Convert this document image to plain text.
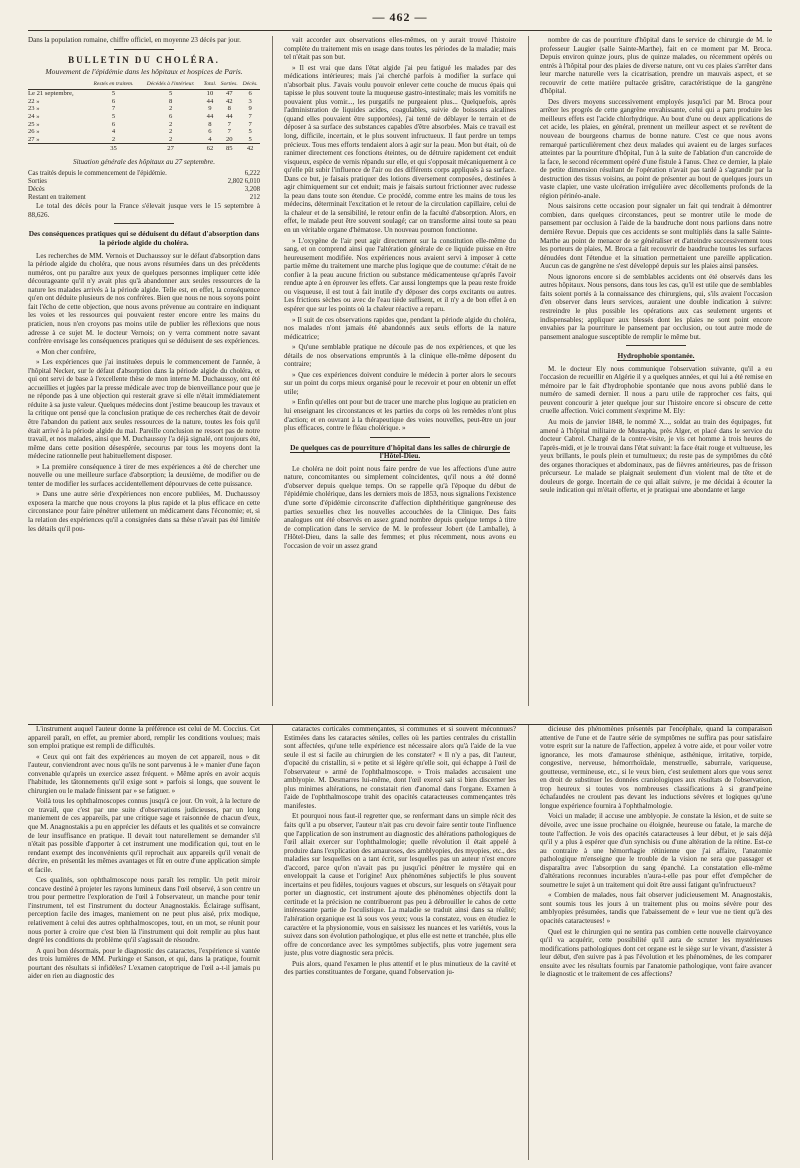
— 462 —

Dans la population romaine, chiffre officiel, en moyenne 23 décès par jour.

BULLETIN DU CHOLÉRA.
Mouvement de l'épidémie dans les hôpitaux et hospices de Paris.
	Restés en traitem.	Décédés à l'intérieur.	Total.	Sorties.	Décès.
Le 21 septembre,	5	5	10	47	6
22 »	6	8	44	42	3
23 »	7	2	9	8	9
24 »	5	6	44	44	7
25 »	6	2	8	7	7
26 »	4	2	6	7	5
27 »	2	2	4	20	5
	35	27	62	85	42
Situation générale des hôpitaux au 27 septembre.
Cas traités depuis le commencement de l'épidémie.	6,222
Sorties	2,802 6,010
Décès	3,208
Restant en traitement	212

Le total des décès pour la France s'élevait jusque vers le 15 septembre à 88,626.

Des conséquences pratiques qui se déduisent du défaut d'absorption dans la période algide du choléra.

Les recherches de MM. Vernois et Duchaussoy sur le défaut d'absorption dans la période algide du choléra, que nous avons résumées dans un des précédents numéros, ont pu paraître aux yeux de quelques personnes impliquer cette idée décourageante qu'il n'y avait plus qu'à abandonner aux seules ressources de la nature les malades arrivés à la période algide. Telle est, en effet, la conséquence qu'en ont déduite plusieurs de nos confrères. Bien que nous ne nous soyons point fait l'écho de cette objection, que nous avons prévenue au contraire en indiquant les voies et les ressources qui pouvaient rester encore entre les mains du praticien, nous n'en croyons pas moins utile de publier les réflexions que nous adresse à ce sujet M. le docteur Vernois; on y verra comment notre savant confrère envisage les conséquences pratiques qui se déduisent de ses expériences.

« Mon cher confrère,

» Les expériences que j'ai instituées depuis le commencement de l'année, à l'hôpital Necker, sur le défaut d'absorption dans la période algide du choléra, et qui ont servi de base à l'excellente thèse de mon interne M. Duchaussoy, ont été accueillies et jugées par la presse médicale avec trop de bienveillance pour que je ne réponde pas à une objection qui resterait grave si elle n'était immédiatement réduite à sa juste valeur. Quelques médecins dont j'estime beaucoup les travaux et la critique ont pensé que la conclusion pratique de ces recherches était de devoir être l'abandon du patient aux seules ressources de la nature, toutes les fois qu'il était arrivé à la période algide du mal. Pareille conclusion ne ressort pas de notre travail, et nos malades, ainsi que M. Duchaussoy l'a déjà signalé, ont toujours été, même dans cette position désespérée, secourus par tous les moyens dont la médecine rationnelle peut habituellement disposer.

» La première conséquence à tirer de mes expériences a été de chercher une nouvelle ou une meilleure surface d'absorption; la deuxième, de modifier ou de tenter de modifier les surfaces accidentellement dépourvues de cette puissance.

» Dans une autre série d'expériences non encore publiées, M. Duchaussoy exposera la marche que nous croyons la plus rapide et la plus efficace en cette circonstance pour faire pénétrer utilement un médicament dans l'économie; et, si la relation des expériences qu'il a consignées dans sa thèse n'avait pas été limitée les détails qu'il pou-

vait accorder aux observations elles-mêmes, on y aurait trouvé l'histoire complète du traitement mis en usage dans toutes les périodes de la maladie; mais tel n'était pas son but.

» Il est vrai que dans l'état algide j'ai peu fatigué les malades par des médications intérieures; mais j'ai cherché parfois à modifier la surface qui n'absorbait plus. J'avais voulu pouvoir enlever cette couche de mucus épais qui tapisse le plus souvent toute la muqueuse gastro-intestinale; mais les vomitifs ne pouvaient plus vomir..., les purgatifs ne purgeaient plus... Quelquefois, après l'administration de liquides acides, coagulables, suivie de boissons alcalines (quand elles pouvaient être supportées), j'ai tenté de déblayer le terrain et de déposer à sa surface des substances capables d'être absorbées. Mais ce travail est long, difficile, incertain, et le plus souvent infructueux. Il faut perdre un temps précieux. Tous mes efforts tendaient alors à agir sur la peau. Mon but était, où de ranimer directement ces fonctions éteintes, ou de détruire rapidement cet enduit visqueux, espèce de vernis répandu sur elle, et qui s'opposait mécaniquement à ce qu'elle pût subir l'influence de l'air ou des différents corps appliqués à sa surface. Dans ce but, je faisais pratiquer des lotions diversement composées, destinées à agir chimiquement sur cet enduit; mais je faisais surtout frictionner avec rudesse la peau dans toute son étendue. Ce procédé, comme entre les mains de tous les médecins, déterminait l'excitation et le retour de la circulation capillaire, celui de la chaleur et de la sensibilité, le retour enfin de la faculté d'absorption. Alors, en effet, le malade peut être souvent soulagé; car on transforme ainsi toute sa peau en un véritable organe d'hématose. Un nouveau poumon fonctionne.

» L'oxygène de l'air peut agir directement sur la constitution elle-même du sang, et on comprend ainsi que l'altération générale de ce liquide puisse en être heureusement modifiée. Nos expériences nous avaient servi à imposer à cette partie même du traitement une marche plus logique que de coutume: c'était de ne confier à la peau aucune friction ou substance médicamenteuse qu'après l'avoir rendue apte à en éprouver les effets. Car aussi longtemps que la peau reste froide ou visqueuse, il est tout à fait inutile d'y déposer des corps excitants ou autres. Les frictions sèches ou avec de l'eau tiède suffisent, et il n'y a de bon effet à en espérer que sur les points où la chaleur réactive a reparu.

» Il suit de ces observations rapides que, pendant la période algide du choléra, nos malades n'ont jamais été abandonnés aux seuls efforts de la nature médicatrice;

» Qu'une semblable pratique ne découle pas de nos expériences, et que les détails de nos observations empruntés à la clinique elle-même déposent du contraire;

» Que ces expériences doivent conduire le médecin à porter alors le secours sur un point du corps mieux organisé pour le recevoir et pour en obtenir un effet utile;

» Enfin qu'elles ont pour but de tracer une marche plus logique au praticien en lui enseignant les circonstances et les parties du corps où les remèdes n'ont plus d'action; et en ouvrant à la thérapeutique des voies nouvelles, peut-être un jour plus efficaces, contre le fléau cholérique. »

De quelques cas de pourriture d'hôpital dans les salles de chirurgie de l'Hôtel-Dieu.

Le choléra ne doit point nous faire perdre de vue les affections d'une autre nature, concomitantes ou simplement coïncidentes, qu'il nous a été donné d'observer depuis quelque temps. On se rappelle qu'à l'époque du début de l'épidémie cholérique, dans les derniers mois de 1853, nous signalions l'existence d'une sorte d'épidémie circonscrite d'affection diphthéritique gangréneuse des parties sexuelles chez les nouvelles accouchées de la Clinique. Des faits analogues ont été observés en assez grand nombre depuis quelque temps à titre de complication dans le service de M. le professeur Jobert (de Lamballe), à l'Hôtel-Dieu, dans la salle des femmes; et plus récemment, nous avons eu l'occasion de voir un assez grand

nombre de cas de pourriture d'hôpital dans le service de chirurgie de M. le professeur Laugier (salle Sainte-Marthe), fait en ce moment par M. Broca. Depuis environ quinze jours, plus de quinze malades, ou récemment opérés ou entrés à l'hôpital pour des plaies de diverse nature, ont vu ces plaies s'arrêter dans leur marche naturelle vers la cicatrisation, prendre un mauvais aspect, et se recouvrir de cette matière pultacée grisâtre, caractéristique de la gangrène d'hôpital.

Des divers moyens successivement employés jusqu'ici par M. Broca pour arrêter les progrès de cette gangrène envahissante, celui qui a paru produire les meilleurs effets est l'acide chlorhydrique. Au bout d'une ou deux applications de cet acide, les plaies, en général, prennent un meilleur aspect et se revêtent de nouveau de bourgeons charnus de bonne nature. C'est ce que nous avons remarqué particulièrement chez deux malades qui avaient eu de larges surfaces atteintes par la pourriture d'hôpital, l'un à la suite de l'ablation d'un cancroïde de la face, le second récemment opéré d'une fistule à l'anus. Chez ce dernier, la plaie de petite dimension résultant de l'opération n'avait pas tardé à s'agrandir par la destruction des tissus voisins, au point de présenter au bout de quelques jours un vaste clapier, une vaste ulcération irrégulière avec décollements profonds de la région périnéo-anale.

Nous saisirons cette occasion pour signaler un fait qui tendrait à démontrer combien, dans quelques circonstances, peut se montrer utile le mode de pansement par occlusion à l'aide de la baudruche dont nous parlions dans notre dernière Revue. Depuis que ces accidents se sont multipliés dans la salle Sainte-Marthe au point de menacer de se généraliser et d'atteindre successivement tous les porteurs de plaies, M. Broca a fait recouvrir de baudruche toutes les surfaces dénudées dont l'étendue et la situation permettaient une pareille application. Aucun cas de gangrène ne s'est développé depuis sur les plaies ainsi pansées.

Nous ignorons encore si de semblables accidents ont été observés dans les autres hôpitaux. Nous pensons, dans tous les cas, qu'il est utile que de semblables faits soient portés à la connaissance des chirurgiens, qui, s'ils avaient l'occasion d'en observer dans leurs services, auraient une double indication à suivre: restreindre le plus possible les opérations aux cas seulement urgents et indispensables; appliquer aux blessés dont les plaies ne sont point encore envahies par la pourriture le pansement par occlusion, ou tout autre mode de pansement analogue susceptible de remplir le même but.

Hydrophobie spontanée.

M. le docteur Ely nous communique l'observation suivante, qu'il a eu l'occasion de recueillir en Algérie il y a quelques années, et qui lui a été remise en mémoire par le fait d'hydrophobie spontanée que nous avons publié dans le numéro de samedi dernier. Il nous a paru utile de rapprocher ces faits, qui peuvent concourir à jeter quelque jour sur l'histoire encore si obscure de cette cruelle affection. Voici comment s'exprime M. Ely:

Au mois de janvier 1848, le nommé X..., soldat au train des équipages, fut amené à l'hôpital militaire de Mustapha, près Alger, et placé dans le service du docteur Cabrol. Chargé de la contre-visite, je vis cet homme à trois heures de l'après-midi, et je le trouvai dans l'état suivant: la face était rouge et vultueuse, les yeux brillants, le pouls plein et tumultueux; du reste pas de symptômes du côté des organes thoraciques et abdominaux, pas de fièvres antérieures, pas de frisson précurseur. Le malade se plaignait seulement d'un violent mal de tête et de douleurs de gorge. Incertain de ce qui allait suivre, je me décidai à écouter la seule indication qui m'était offerte, et je pratiquai une abondante et large

L'instrument auquel l'auteur donne la préférence est celui de M. Coccius. Cet appareil paraît, en effet, au premier abord, remplir les conditions voulues; mais son emploi pratique est rempli de difficultés.

« Ceux qui ont fait des expériences au moyen de cet appareil, nous » dit l'auteur, conviendront avec nous qu'ils ne sont parvenus à le » manier d'une façon convenable qu'après un exercice assez fréquent. » Même après en avoir acquis l'habitude, les tâtonnements qu'il exige sont » parfois si longs, que souvent le chirurgien ou le malade finissent par » se fatiguer. »

Voilà tous les ophthalmoscopes connus jusqu'à ce jour. On voit, à la lecture de ce travail, que c'est par une suite d'observations judicieuses, par un long maniement de ces appareils, par une critique sage et raisonnée de chacun d'eux, que M. Anagnostakis a pu en apprécier les défauts et les qualités et se convaincre de leur insuffisance en pratique. Il devait tout naturellement se demander s'il n'était pas possible d'apporter à cet instrument une modification qui, tout en le rendant exempt des inconvénients qu'il reprochait aux appareils qu'il venait de décrire, en présentât les mêmes avantages et fût en outre d'une application simple et facile.

Ces qualités, son ophthalmoscope nous paraît les remplir. Un petit miroir concave destiné à projeter les rayons lumineux dans l'œil observé, à son centre un trou pour permettre l'exploration de l'œil à l'observateur, un manche pour tenir l'instrument, tel est l'instrument du docteur Anagnostakis. Éclairage suffisant, perception facile des images, maniement on ne peut plus aisé, prix modique, relativement à celui des autres ophthalmoscopes, tout, en un mot, se réunit pour nous porter à croire que c'est bien là l'instrument qui doit remplir au plus haut degré les conditions du problème qu'il s'agissait de résoudre.

A quoi bon désormais, pour le diagnostic des cataractes, l'expérience si vantée des trois lumières de MM. Purkinge et Sanson, et qui, dans la pratique, fournit pourtant des résultats si infidèles? L'examen catoptrique de l'œil a-t-il jamais pu aider en rien au diagnostic des

cataractes corticales commençantes, si communes et si souvent méconnues? Estimées dans les cataractes séniles, celles où les parties centrales du cristallin sont affectées, qu'une telle expérience est nécessaire alors qu'à l'aide de la vue seule il est si facile au chirurgien de les constater? « Il n'y a pas, dit l'auteur, d'opacité du cristallin, si » petite et si légère qu'elle soit, qui échappe à l'œil de l'observateur » armé de l'ophthalmoscope. » Trois malades accusaient une amblyopie. M. Desmarres lui-même, dont l'œil exercé sait si bien discerner les plus minimes altérations, ne constatait rien d'anomal dans l'organe. Examen à l'aide de l'ophthalmoscope trahit des opacités cataracteuses commençantes très manifestes.

Et pourquoi nous faut-il regretter que, se renfermant dans un simple récit des faits qu'il a pu observer, l'auteur n'ait pas cru devoir faire sentir toute l'influence que l'application de son instrument au diagnostic des altérations pathologiques de l'œil allait exercer sur l'ophthalmologie; quelle révolution il était appelé à produire dans l'explication des amauroses, des amblyopies, des myopies, etc., des maladies sur lesquelles on a tant écrit, sur lesquelles pas un auteur n'est encore d'accord, parce qu'on n'avait pas pu jusqu'ici pénétrer le mystère qui en enveloppait la cause et l'origine! Aux phénomènes subjectifs le plus souvent incertains et peu fidèles, toujours vagues et obscurs, sur lesquels on s'étayait pour porter un diagnostic, cet instrument ajoute des phénomènes objectifs dont la certitude et la précision ne contribueront pas peu à débrouiller le cahos de cette intéressante partie de l'oculistique. La maladie se traduit ainsi dans sa réalité; l'altération organique est là sous vos yeux; vous la constatez, vous en étudiez le caractère et la physionomie, vous en saisissez les nuances et les variétés, vous la suivez dans son évolution pathologique, et plus elle est nette et tranchée, plus elle offre de concordance avec les symptômes subjectifs, plus votre jugement sera juste, plus votre diagnostic sera précis.

Puis alors, quand l'examen le plus attentif et le plus minutieux de la cavité et des parties constituantes de l'organe, quand l'observation ju-

dicieuse des phénomènes présentés par l'encéphale, quand la comparaison attentive de l'une et de l'autre série de symptômes ne suffira pas pour satisfaire votre esprit sur la nature de l'affection, appelez à votre aide, et pour voiler votre ignorance, les mots d'amaurose sthénique, asthénique, irritative, torpide, congestive, nerveuse, hémorrhoïdale, menstruelle, saburrale, variqueuse, goutteuse, vermineuse, etc., si le veux bien, c'est seulement alors que vous serez en droit de substituer les données craniologiques aux résultats de l'observation, trop heureux si toutes vos nombreuses classifications à si grand'peine échafaudées ne croulent pas devant les inductions sévères et logiques qu'une longue expérience fournira à l'ophthalmologie.

Voici un malade; il accuse une amblyopie. Je constate la lésion, et de suite se dévoile, avec une issue prochaine ou éloignée, heureuse ou fatale, la marche de toute l'affection. Je vois des opacités cataracteuses à leur début, et je sais déjà qu'il y a plus à espérer que d'un synchisis ou d'une altération de la rétine. Est-ce au contraire à une hémorrhagie rétinienne que j'ai affaire, l'anatomie pathologique m'enseigne que le trouble de la vision ne sera que passager et disparaîtra avec l'absorption du sang épanché. La constatation elle-même d'altérations reconnues incurables n'aura-t-elle pas pour effet d'empêcher de soumettre le sujet à un traitement qui doit être aussi fatigant qu'infructueux?

« Combien de malades, nous fait observer judicieusement M. Anagnostakis, sont soumis tous les jours à un traitement plus ou moins sévère pour des amblyopies présumées, tandis que l'abaissement de » leur vue ne tient qu'à des opacités cataracteuses! »

Quel est le chirurgien qui ne sentira pas combien cette nouvelle clairvoyance qu'il va acquérir, cette possibilité qu'il aura de scruter les mystérieuses modifications pathologiques dont cet organe est le siège sur le vivant, d'assister à leur début, d'en suivre pas à pas l'évolution et les phénomènes, de les comparer ensuite avec les résultats fournis par l'anatomie pathologique, vont faire avancer le diagnostic et le traitement de ces affections?
